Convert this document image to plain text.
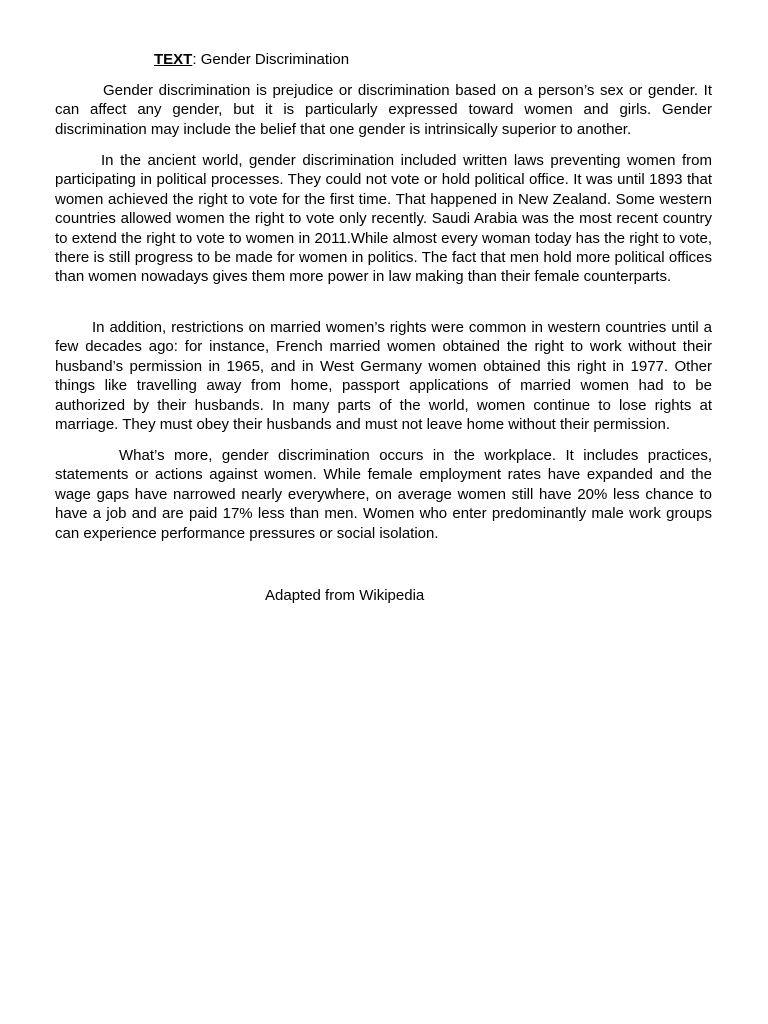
TEXT: Gender Discrimination

Gender discrimination is prejudice or discrimination based on a person’s sex or gender. It can affect any gender, but it is particularly expressed toward women and girls. Gender discrimination may include the belief that one gender is intrinsically superior to another.

In the ancient world, gender discrimination included written laws preventing women from participating in political processes. They could not vote or hold political office. It was until 1893 that women achieved the right to vote for the first time. That happened in New Zealand. Some western countries allowed women the right to vote only recently. Saudi Arabia was the most recent country to extend the right to vote to women in 2011.While almost every woman today has the right to vote, there is still progress to be made for women in politics. The fact that men hold more political offices than women nowadays gives them more power in law making than their female counterparts.

In addition, restrictions on married women’s rights were common in western countries until a few decades ago: for instance, French married women obtained the right to work without their husband’s permission in 1965, and in West Germany women obtained this right in 1977. Other things like travelling away from home, passport applications of married women had to be authorized by their husbands. In many parts of the world, women continue to lose rights at marriage. They must obey their husbands and must not leave home without their permission.

What’s more, gender discrimination occurs in the workplace. It includes practices, statements or actions against women. While female employment rates have expanded and the wage gaps have narrowed nearly everywhere, on average women still have 20% less chance to have a job and are paid 17% less than men. Women who enter predominantly male work groups can experience performance pressures or social isolation.

Adapted from Wikipedia
